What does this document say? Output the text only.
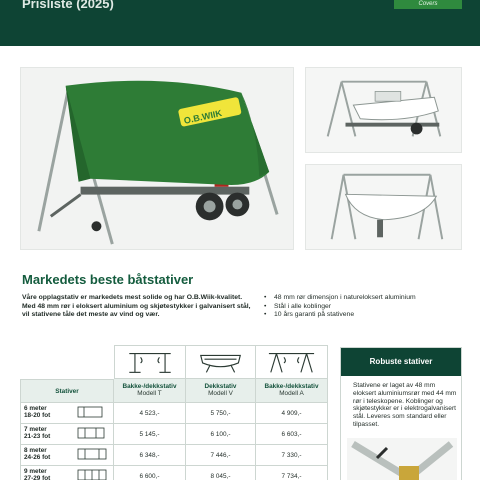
Prisliste (2025)	Covers
O.B.WIIK
Markedets beste båtstativer
Våre opplagstativ er markedets mest solide og har O.B.Wiik-kvalitet. Med 48 mm rør i eloksert aluminium og skjøtestykker i galvanisert stål, vil stativene tåle det meste av vind og vær.
• 48 mm rør dimensjon i natureloksert aluminium
• Stål i alle koblinger
• 10 års garanti på stativene
Stativer
Bakke-/dekkstativ
Modell T
Dekkstativ
Modell V
Bakke-/dekkstativ
Modell A
6 meter
18-20 fot	4 523,-	5 750,-	4 909,-
7 meter
21-23 fot	5 145,-	6 100,-	6 603,-
8 meter
24-26 fot	6 348,-	7 446,-	7 330,-
9 meter
27-29 fot	6 600,-	8 045,-	7 734,-
Robuste stativer
Stativene er laget av 48 mm eloksert aluminiumsrør med 44 mm rør i teleskopene. Koblinger og skjøtestykker er i elektrogalvanisert stål. Leveres som standard eller tilpasset.
